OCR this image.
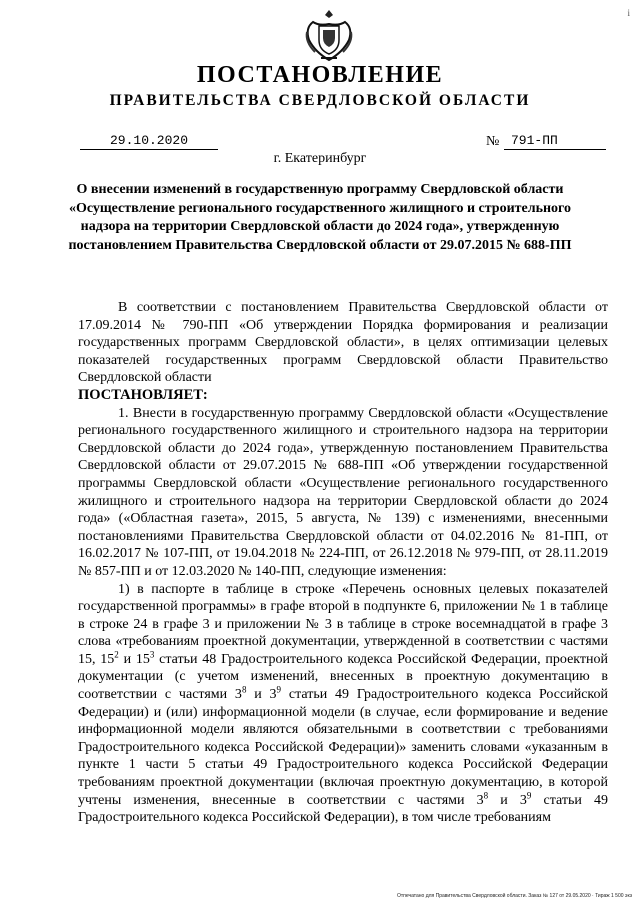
i
ПОСТАНОВЛЕНИЕ
ПРАВИТЕЛЬСТВА СВЕРДЛОВСКОЙ ОБЛАСТИ
29.10.2020	№ 791-ПП
г. Екатеринбург
О внесении изменений в государственную программу Свердловской области «Осуществление регионального государственного жилищного и строительного надзора на территории Свердловской области до 2024 года», утвержденную постановлением Правительства Свердловской области от 29.07.2015 № 688-ПП

В соответствии с постановлением Правительства Свердловской области от 17.09.2014 № 790-ПП «Об утверждении Порядка формирования и реализации государственных программ Свердловской области», в целях оптимизации целевых показателей государственных программ Свердловской области Правительство Свердловской области

ПОСТАНОВЛЯЕТ:

1. Внести в государственную программу Свердловской области «Осуществление регионального государственного жилищного и строительного надзора на территории Свердловской области до 2024 года», утвержденную постановлением Правительства Свердловской области от 29.07.2015 № 688-ПП «Об утверждении государственной программы Свердловской области «Осуществление регионального государственного жилищного и строительного надзора на территории Свердловской области до 2024 года» («Областная газета», 2015, 5 августа, № 139) с изменениями, внесенными постановлениями Правительства Свердловской области от 04.02.2016 № 81-ПП, от 16.02.2017 № 107-ПП, от 19.04.2018 № 224-ПП, от 26.12.2018 № 979-ПП, от 28.11.2019 № 857-ПП и от 12.03.2020 № 140-ПП, следующие изменения:

1) в паспорте в таблице в строке «Перечень основных целевых показателей государственной программы» в графе второй в подпункте 6, приложении № 1 в таблице в строке 24 в графе 3 и приложении № 3 в таблице в строке восемнадцатой в графе 3 слова «требованиям проектной документации, утвержденной в соответствии с частями 15, $15^2$ и $15^3$ статьи 48 Градостроительного кодекса Российской Федерации, проектной документации (с учетом изменений, внесенных в проектную документацию в соответствии с частями $3^8$ и $3^9$ статьи 49 Градостроительного кодекса Российской Федерации) и (или) информационной модели (в случае, если формирование и ведение информационной модели являются обязательными в соответствии с требованиями Градостроительного кодекса Российской Федерации)» заменить словами «указанным в пункте 1 части 5 статьи 49 Градостроительного кодекса Российской Федерации требованиям проектной документации (включая проектную документацию, в которой учтены изменения, внесенные в соответствии с частями $3^8$ и $3^9$ статьи 49 Градостроительного кодекса Российской Федерации), в том числе требованиям

Отпечатано для Правительства Свердловской области. Заказ № 127 от 29.05.2020 · Тираж 1 500 экз
